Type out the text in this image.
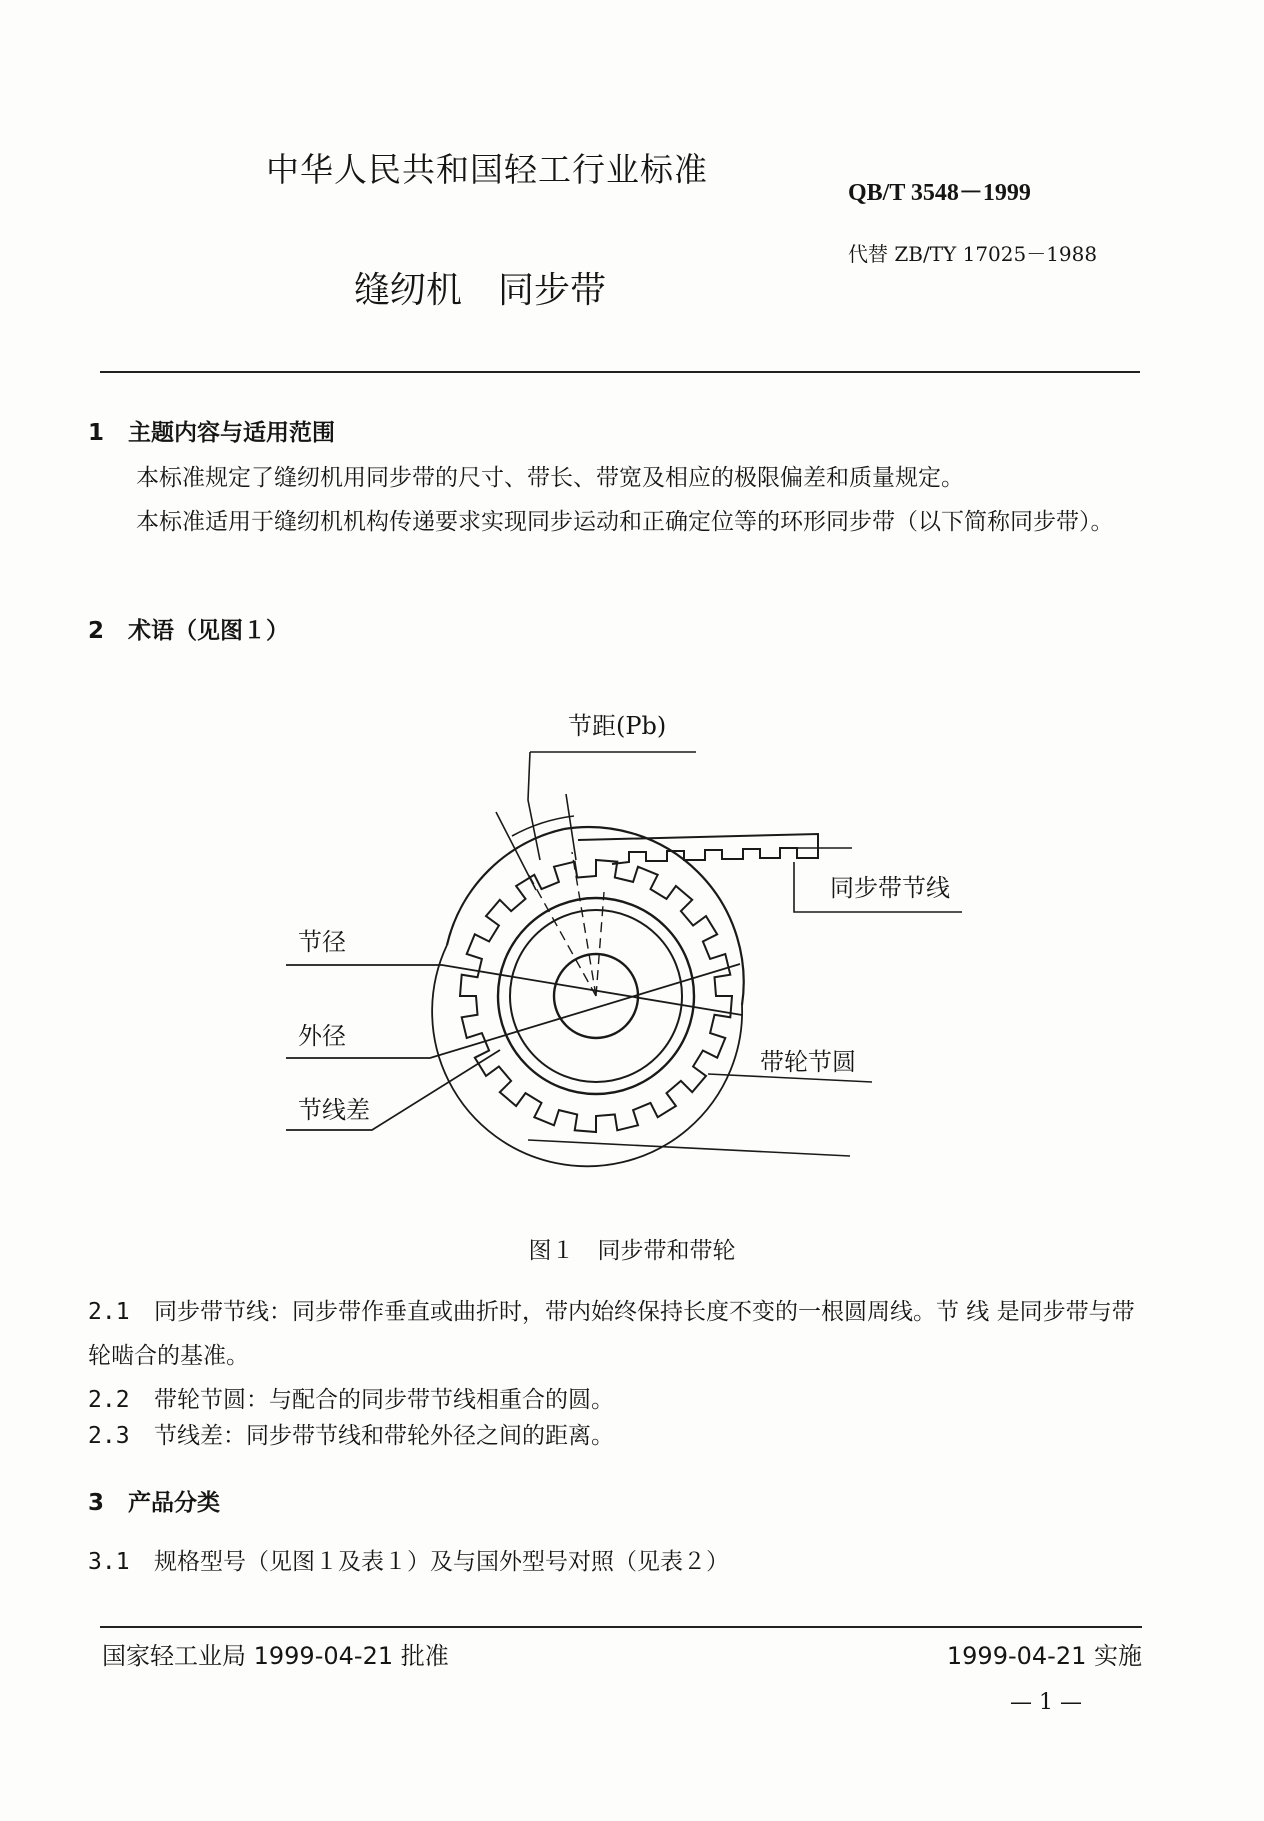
中华人民共和国轻工行业标准
QB/T 3548－1999
代替 ZB/TY 17025－1988
缝纫机　同步带
1 主题内容与适用范围
本标准规定了缝纫机用同步带的尺寸、带长、带宽及相应的极限偏差和质量规定。
本标准适用于缝纫机机构传递要求实现同步运动和正确定位等的环形同步带（以下简称同步带）。
2 术语（见图１）
节距(Pb)
同步带节线
节径
外径
带轮节圆
节线差
图１　同步带和带轮
2.1 同步带节线：同步带作垂直或曲折时，带内始终保持长度不变的一根圆周线。节 线 是同步带与带轮啮合的基准。
2.2 带轮节圆：与配合的同步带节线相重合的圆。
2.3 节线差：同步带节线和带轮外径之间的距离。
3 产品分类
3.1 规格型号（见图１及表１）及与国外型号对照（见表２）
国家轻工业局 1999-04-21 批准	1999-04-21 实施
— 1 —
